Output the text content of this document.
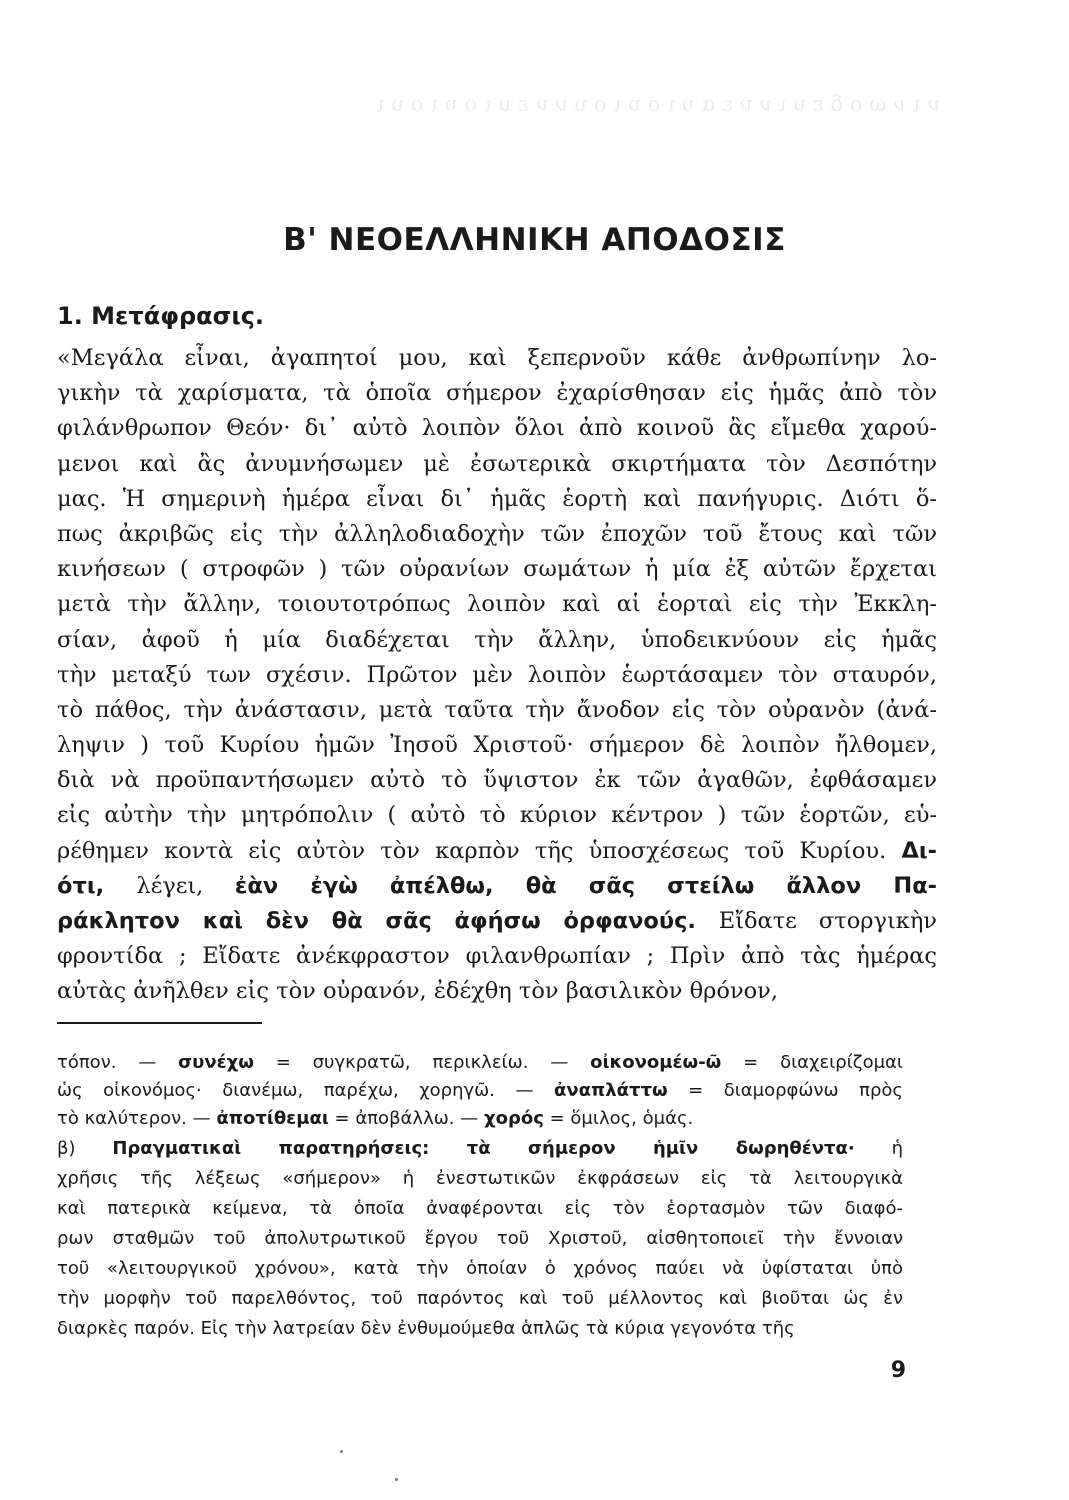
ν ι ν ω ο δ ε υ ι ν ν ε α υ ι ο υ ι ο υ ν ν ε υ ι ο υ ι ο υ ι
Β' ΝΕΟΕΛΛΗΝΙΚΗ ΑΠΟΔΟΣΙΣ
1. Μετάφρασις.
«Μεγάλα εἶναι, ἀγαπητοί μου, καὶ ξεπερνοῦν κάθε ἀνθρωπίνην λο-
γικὴν τὰ χαρίσματα, τὰ ὁποῖα σήμερον ἐχαρίσθησαν εἰς ἡμᾶς ἀπὸ τὸν
φιλάνθρωπον Θεόν· δι᾿ αὐτὸ λοιπὸν ὅλοι ἀπὸ κοινοῦ ἂς εἴμεθα χαρού-
μενοι καὶ ἂς ἀνυμνήσωμεν μὲ ἐσωτερικὰ σκιρτήματα τὸν Δεσπότην
μας. Ἡ σημερινὴ ἡμέρα εἶναι δι᾿ ἡμᾶς ἑορτὴ καὶ πανήγυρις. Διότι ὅ-
πως ἀκριβῶς εἰς τὴν ἀλληλοδιαδοχὴν τῶν ἐποχῶν τοῦ ἔτους καὶ τῶν
κινήσεων ( στροφῶν ) τῶν οὐρανίων σωμάτων ἡ μία ἐξ αὐτῶν ἔρχεται
μετὰ τὴν ἄλλην, τοιουτοτρόπως λοιπὸν καὶ αἱ ἑορταὶ εἰς τὴν Ἐκκλη-
σίαν, ἀφοῦ ἡ μία διαδέχεται τὴν ἄλλην, ὑποδεικνύουν εἰς ἡμᾶς
τὴν μεταξύ των σχέσιν. Πρῶτον μὲν λοιπὸν ἑωρτάσαμεν τὸν σταυρόν,
τὸ πάθος, τὴν ἀνάστασιν, μετὰ ταῦτα τὴν ἄνοδον εἰς τὸν οὐρανὸν (ἀνά-
ληψιν ) τοῦ Κυρίου ἡμῶν Ἰησοῦ Χριστοῦ· σήμερον δὲ λοιπὸν ἤλθομεν,
διὰ νὰ προϋπαντήσωμεν αὐτὸ τὸ ὕψιστον ἐκ τῶν ἀγαθῶν, ἐφθάσαμεν
εἰς αὐτὴν τὴν μητρόπολιν ( αὐτὸ τὸ κύριον κέντρον ) τῶν ἑορτῶν, εὑ-
ρέθημεν κοντὰ εἰς αὐτὸν τὸν καρπὸν τῆς ὑποσχέσεως τοῦ Κυρίου. Δι-
ότι, λέγει, ἐὰν ἐγὼ ἀπέλθω, θὰ σᾶς στείλω ἄλλον Πα-
ράκλητον καὶ δὲν θὰ σᾶς ἀφήσω ὀρφανούς. Εἴδατε στοργικὴν
φροντίδα ; Εἴδατε ἀνέκφραστον φιλανθρωπίαν ; Πρὶν ἀπὸ τὰς ἡμέρας
αὐτὰς ἀνῆλθεν εἰς τὸν οὐρανόν, ἐδέχθη τὸν βασιλικὸν θρόνον,
τόπον. — συνέχω = συγκρατῶ, περικλείω. — οἰκονομέω-ῶ = διαχειρίζομαι
ὡς οἰκονόμος· διανέμω, παρέχω, χορηγῶ. — ἀναπλάττω = διαμορφώνω πρὸς
τὸ καλύτερον. — ἀποτίθεμαι = ἀποβάλλω. — χορός = ὅμιλος, ὁμάς.
β) Πραγματικαὶ παρατηρήσεις: τὰ σήμερον ἡμῖν δωρηθέντα· ἡ
χρῆσις τῆς λέξεως «σήμερον» ἡ ἐνεστωτικῶν ἐκφράσεων εἰς τὰ λειτουργικὰ
καὶ πατερικὰ κείμενα, τὰ ὁποῖα ἀναφέρονται εἰς τὸν ἑορτασμὸν τῶν διαφό-
ρων σταθμῶν τοῦ ἀπολυτρωτικοῦ ἔργου τοῦ Χριστοῦ, αἰσθητοποιεῖ τὴν ἔννοιαν
τοῦ «λειτουργικοῦ χρόνου», κατὰ τὴν ὁποίαν ὁ χρόνος παύει νὰ ὑφίσταται ὑπὸ
τὴν μορφὴν τοῦ παρελθόντος, τοῦ παρόντος καὶ τοῦ μέλλοντος καὶ βιοῦται ὡς ἐν
διαρκὲς παρόν. Εἰς τὴν λατρείαν δὲν ἐνθυμούμεθα ἁπλῶς τὰ κύρια γεγονότα τῆς
9
